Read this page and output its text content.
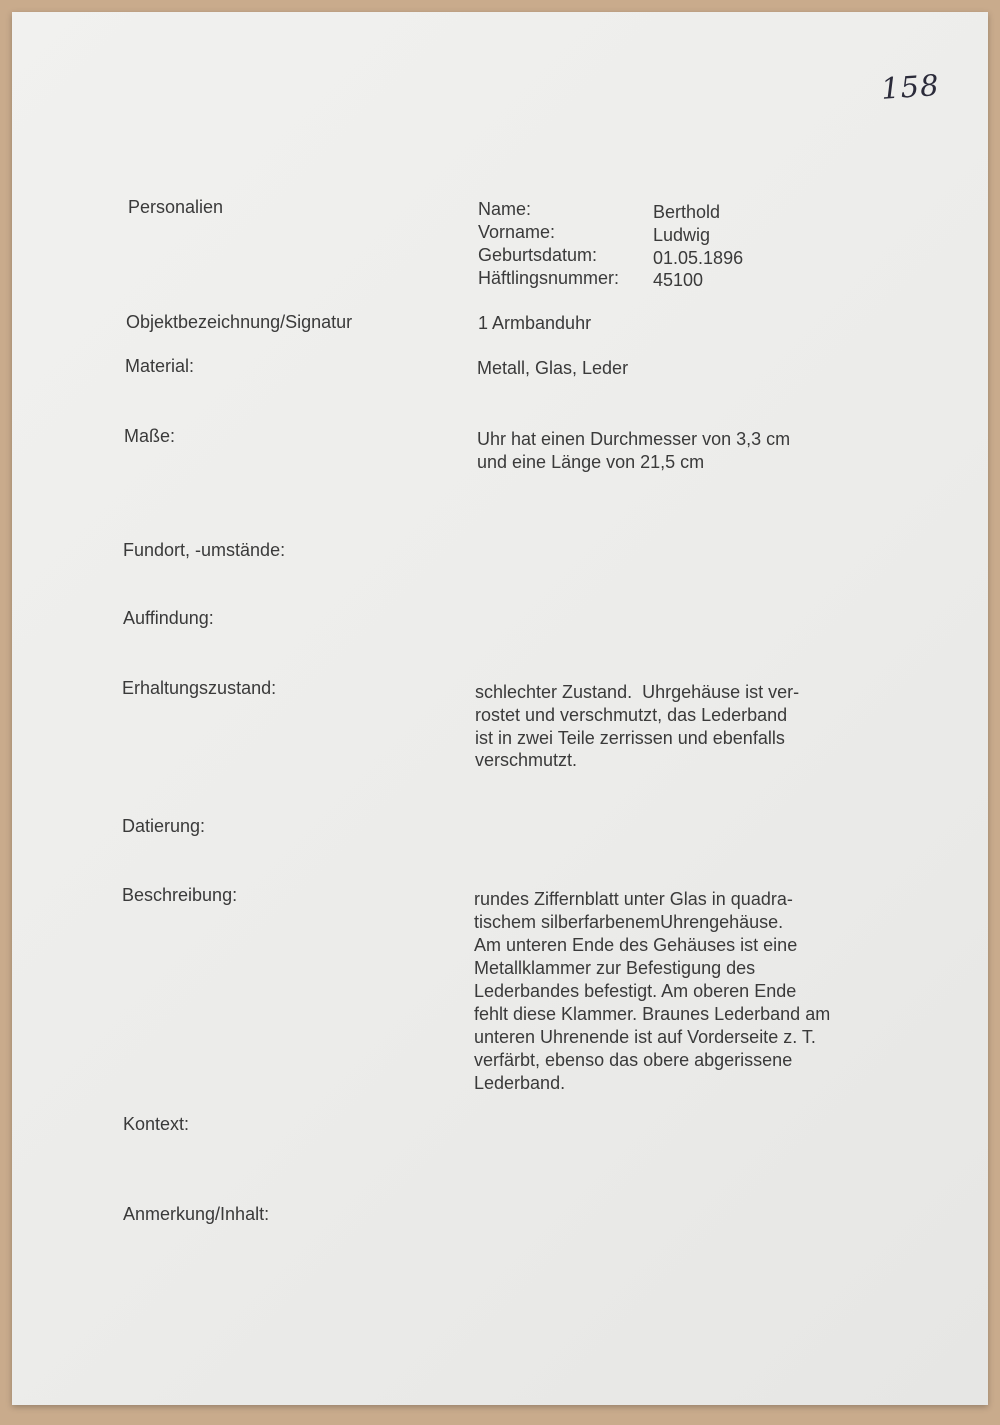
158
Personalien	Name:	Berthold
Vorname:	Ludwig
Geburtsdatum:	01.05.1896
Häftlingsnummer: 45100
Objektbezeichnung/Signatur	1 Armbanduhr
Material:	Metall, Glas, Leder
Maße:	Uhr hat einen Durchmesser von 3,3 cm
und eine Länge von 21,5 cm
Fundort, -umstände:
Auffindung:
Erhaltungszustand:	schlechter Zustand.  Uhrgehäuse ist ver-
rostet und verschmutzt, das Lederband
ist in zwei Teile zerrissen und ebenfalls
verschmutzt.
Datierung:
Beschreibung:	rundes Ziffernblatt unter Glas in quadra-
tischem silberfarbenemUhrengehäuse.
Am unteren Ende des Gehäuses ist eine
Metallklammer zur Befestigung des
Lederbandes befestigt. Am oberen Ende
fehlt diese Klammer. Braunes Lederband am
unteren Uhrenende ist auf Vorderseite z. T.
verfärbt, ebenso das obere abgerissene
Lederband.
Kontext:
Anmerkung/Inhalt:
